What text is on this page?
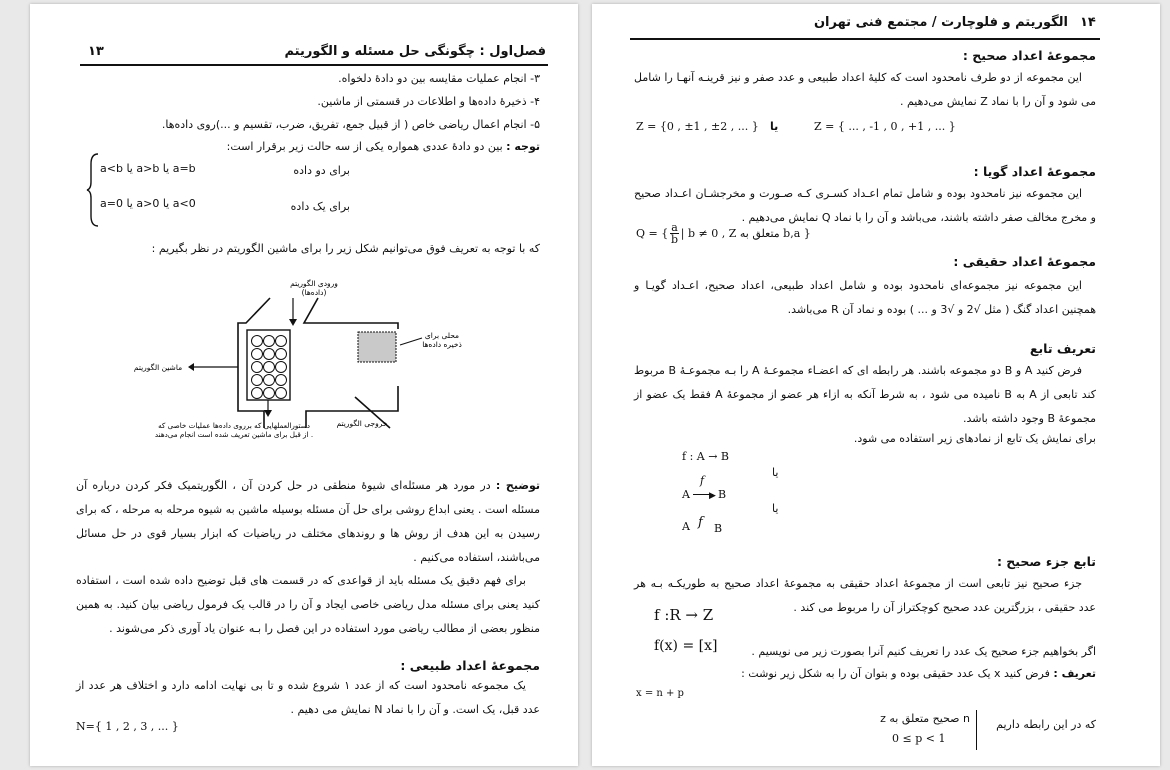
فصل‌اول : چگونگی حل مسئله و الگوریتم
۱۳
۳- انجام عملیات مقایسه بین دو دادهٔ دلخواه.
۴- ذخیرهٔ داده‌ها و اطلاعات در قسمتی از ماشین.
۵- انجام اعمال ریاضی خاص ( از قبیل جمع، تفریق، ضرب، تقسیم و ...)روی داده‌ها.
توجه : بین دو دادهٔ عددی همواره یکی از سه حالت زیر برقرار است:
برای دو داده
a<b یا a>b یا a=b
برای یک داده
a=0 یا a>0 یا a<0
که با توجه به تعریف فوق می‌توانیم شکل زیر را برای ماشین الگوریتم در نظر بگیریم :
ورودی الگوریتم
(داده‌ها)
محلی برای
ذخیره داده‌ها
ماشین الگوریتم
دستورالعملهایی که برروی داده‌ها عملیات خاصی که
از قبل برای ماشین تعریف شده است انجام می‌دهند .
خروجی الگوریتم
توضیح : در مورد هر مسئله‌ای شیوهٔ منطقی در حل کردن آن ، الگوریتمیک فکر کردن درباره آن مسئله است . یعنی ابداع روشی برای حل آن مسئله بوسیله ماشین به شیوه مرحله به مرحله ، که برای رسیدن به این هدف از روش ها و روندهای مختلف در ریاضیات که ابزار بسیار قوی در حل مسائل می‌باشند، استفاده می‌کنیم .
برای فهم دقیق یک مسئله باید از قواعدی که در قسمت های قبل توضیح داده شده است ، استفاده کنید یعنی برای مسئله مدل ریاضی خاصی ایجاد و آن را در قالب یک فرمول ریاضی بیان کنید. به همین منظور بعضی از مطالب ریاضی مورد استفاده در این فصل را بـه عنوان یاد آوری ذکر می‌شوند .
مجموعهٔ اعداد طبیعی :
یک مجموعه نامحدود است که از عدد ۱ شروع شده و تا بی نهایت ادامه دارد و اختلاف هر عدد از عدد قبل، یک است. و آن را با نماد N نمایش می دهیم .
N={ 1 , 2 , 3 , ... }
۱۴
الگوریتم و فلوچارت / مجتمع فنی تهران
مجموعهٔ اعداد صحیح :
این مجموعه از دو طرف نامحدود است که کلیهٔ اعداد طبیعی و عدد صفر و نیز قرینـه آنهـا را شامل می شود و آن را با نماد Z نمایش می‌دهیم .
Z = {0 , ±1 , ±2 , ... } یا	Z = { ... , -1 , 0 , +1 , ... }
مجموعهٔ اعداد گویا :
این مجموعه نیز نامحدود بوده و شامل تمام اعـداد کسـری کـه صـورت و مخرجشـان اعـداد صحیح و مخرج مخالف صفر داشته باشند، می‌باشد و آن را با نماد Q نمایش می‌دهیم .
Q = { $\frac{a}{b}$ | b ≠ 0 , Z متعلق به b,a }
مجموعهٔ اعداد حقیقی :
این مجموعه نیز مجموعه‌ای نامحدود بوده و شامل اعداد طبیعی، اعداد صحیح، اعـداد گویـا و همچنین اعداد گنگ ( مثل √2 و √3 و ... ) بوده و نماد آن R می‌باشد.
تعریف تابع
فرض کنید A و B دو مجموعه باشند. هر رابطه ای که اعضـاء مجموعـهٔ A را بـه مجموعـهٔ B مربوط کند تابعی از A به B نامیده می شود ، به شرط آنکه به ازاء هر عضو از مجموعهٔ A فقط یک عضو از مجموعهٔ B وجود داشته باشد.
برای نمایش یک تابع از نمادهای زیر استفاده می شود.
f : A → B
یا
A
f
▶ B
یا
A f B
تابع جزء صحیح :
جزء صحیح نیز تابعی است از مجموعهٔ اعداد حقیقی به مجموعهٔ اعداد صحیح به طوریکـه بـه هر عدد حقیقی ، بزرگترین عدد صحیح کوچکتراز آن را مربوط می کند .
f :R → Z
f(x) = [x]	اگر بخواهیم جزء صحیح یک عدد را تعریف کنیم آنرا بصورت زیر می نویسیم .
تعریف : فرض کنید x یک عدد حقیقی بوده و بتوان آن را به شکل زیر نوشت :
x = n + p
که در این رابطه داریم
n صحیح متعلق به z
0 ≤ p < 1
